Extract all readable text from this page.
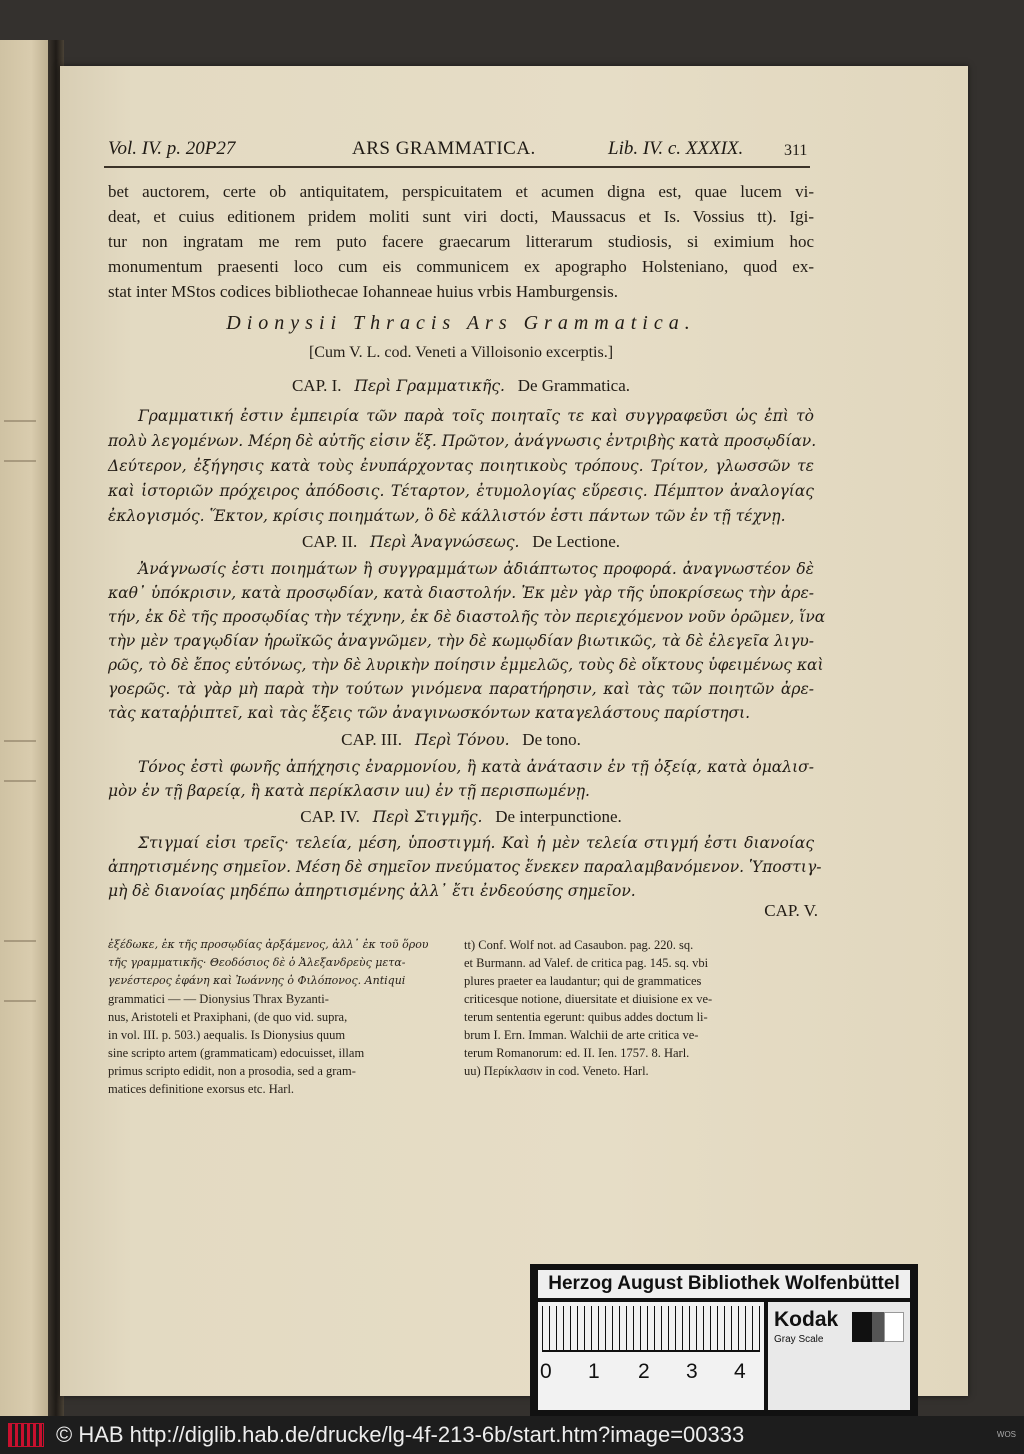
Vol. IV. p. 20P27	ARS GRAMMATICA.	Lib. IV. c. XXXIX.	311
bet auctorem, certe ob antiquitatem, perspicuitatem et acumen digna est, quae lucem vi-
deat, et cuius editionem pridem moliti sunt viri docti, Maussacus et Is. Vossius tt). Igi-
tur non ingratam me rem puto facere graecarum litterarum studiosis, si eximium hoc
monumentum praesenti loco cum eis communicem ex apographo Holsteniano, quod ex-
stat inter MStos codices bibliothecae Iohanneae huius vrbis Hamburgensis.
Dionysii Thracis Ars Grammatica.
[Cum V. L. cod. Veneti a Villoisonio excerptis.]
CAP. I. Περὶ Γραμματικῆς. De Grammatica.
Γραμματική ἐστιν ἐμπειρία τῶν παρὰ τοῖς ποιηταῖς τε καὶ συγγραφεῦσι ὡς ἐπὶ τὸ
πολὺ λεγομένων. Μέρη δὲ αὐτῆς εἰσιν ἕξ. Πρῶτον, ἀνάγνωσις ἐντριβὴς κατὰ προσῳδίαν.
Δεύτερον, ἐξήγησις κατὰ τοὺς ἐνυπάρχοντας ποιητικοὺς τρόπους. Τρίτον, γλωσσῶν τε
καὶ ἱστοριῶν πρόχειρος ἀπόδοσις. Τέταρτον, ἐτυμολογίας εὕρεσις. Πέμπτον ἀναλογίας
ἐκλογισμός. Ἕκτον, κρίσις ποιημάτων, ὃ δὲ κάλλιστόν ἐστι πάντων τῶν ἐν τῇ τέχνῃ.
CAP. II. Περὶ Ἀναγνώσεως. De Lectione.
Ἀνάγνωσίς ἐστι ποιημάτων ἢ συγγραμμάτων ἀδιάπτωτος προφορά. ἀναγνωστέον δὲ
καθ᾽ ὑπόκρισιν, κατὰ προσῳδίαν, κατὰ διαστολήν. Ἐκ μὲν γὰρ τῆς ὑποκρίσεως τὴν ἀρε-
τήν, ἐκ δὲ τῆς προσῳδίας τὴν τέχνην, ἐκ δὲ διαστολῆς τὸν περιεχόμενον νοῦν ὁρῶμεν, ἵνα
τὴν μὲν τραγῳδίαν ἡρωϊκῶς ἀναγνῶμεν, τὴν δὲ κωμῳδίαν βιωτικῶς, τὰ δὲ ἐλεγεῖα λιγυ-
ρῶς, τὸ δὲ ἔπος εὐτόνως, τὴν δὲ λυρικὴν ποίησιν ἐμμελῶς, τοὺς δὲ οἴκτους ὑφειμένως καὶ
γοερῶς. τὰ γὰρ μὴ παρὰ τὴν τούτων γινόμενα παρατήρησιν, καὶ τὰς τῶν ποιητῶν ἀρε-
τὰς καταῤῥιπτεῖ, καὶ τὰς ἕξεις τῶν ἀναγινωσκόντων καταγελάστους παρίστησι.
CAP. III. Περὶ Τόνου. De tono.
Τόνος ἐστὶ φωνῆς ἀπήχησις ἐναρμονίου, ἢ κατὰ ἀνάτασιν ἐν τῇ ὀξείᾳ, κατὰ ὁμαλισ-
μὸν ἐν τῇ βαρείᾳ, ἢ κατὰ περίκλασιν uu) ἐν τῇ περισπωμένῃ.
CAP. IV. Περὶ Στιγμῆς. De interpunctione.
Στιγμαί εἰσι τρεῖς· τελεία, μέση, ὑποστιγμή. Καὶ ἡ μὲν τελεία στιγμή ἐστι διανοίας
ἀπηρτισμένης σημεῖον. Μέση δὲ σημεῖον πνεύματος ἕνεκεν παραλαμβανόμενον. Ὑποστιγ-
μὴ δὲ διανοίας μηδέπω ἀπηρτισμένης ἀλλ᾽ ἔτι ἐνδεούσης σημεῖον.
CAP. V.
ἐξέδωκε, ἐκ τῆς προσῳδίας ἀρξάμενος, ἀλλ᾽ ἐκ τοῦ ὅρου
τῆς γραμματικῆς· Θεοδόσιος δὲ ὁ Ἀλεξανδρεὺς μετα-
γενέστερος ἐφάνη καὶ Ἰωάννης ὁ Φιλόπονος. Antiqui
grammatici — — Dionysius Thrax Byzanti-
nus, Aristoteli et Praxiphani, (de quo vid. supra,
in vol. III. p. 503.) aequalis. Is Dionysius quum
sine scripto artem (grammaticam) edocuisset, illam
primus scripto edidit, non a prosodia, sed a gram-
matices definitione exorsus etc. Harl.
tt) Conf. Wolf not. ad Casaubon. pag. 220. sq.
et Burmann. ad Valef. de critica pag. 145. sq. vbi
plures praeter ea laudantur; qui de grammatices
criticesque notione, diuersitate et diuisione ex ve-
terum sententia egerunt: quibus addes doctum li-
brum I. Ern. Imman. Walchii de arte critica ve-
terum Romanorum: ed. II. Ien. 1757. 8. Harl.
uu) Περίκλασιν in cod. Veneto. Harl.
Herzog August Bibliothek Wolfenbüttel
0 1 2 3 4
Kodak
Gray Scale
© HAB http://diglib.hab.de/drucke/lg-4f-213-6b/start.htm?image=00333	WOS
